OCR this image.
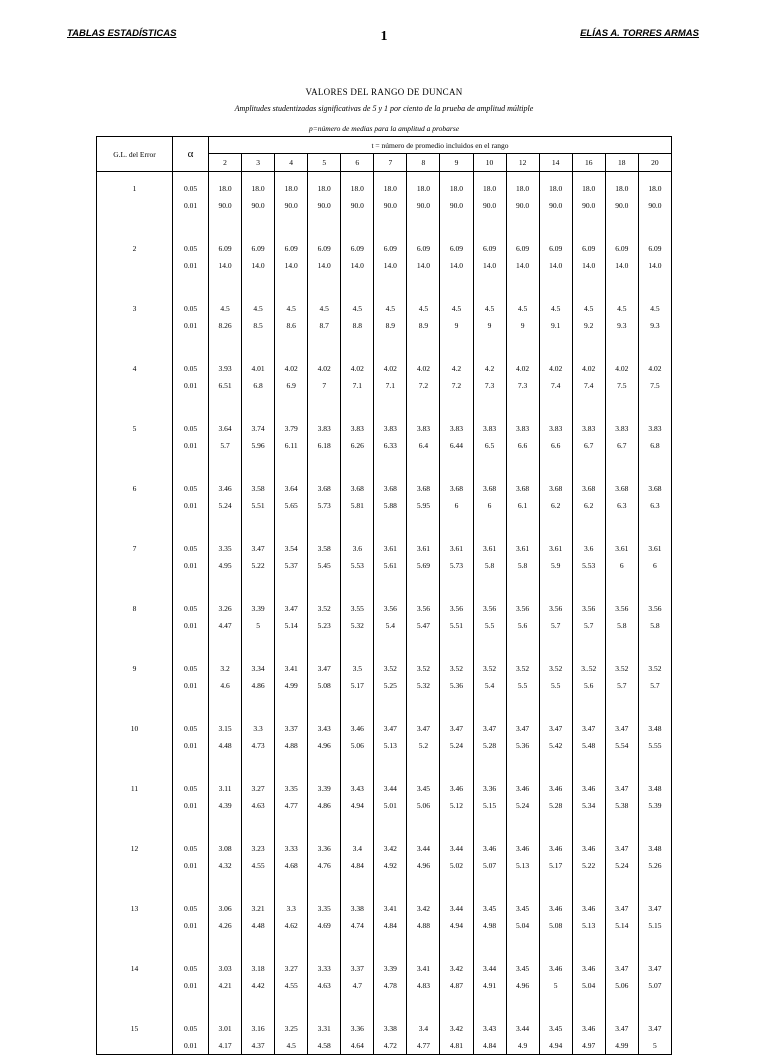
TABLAS ESTADÍSTICAS	1	ELÍAS A. TORRES ARMAS
VALORES DEL RANGO DE DUNCAN
Amplitudes studentizadas significativas de 5 y 1 por ciento de la prueba de amplitud múltiple
p=número de medias para la amplitud a probarse
G.L. del Error	α	t = número de promedio incluidos en el rango													
		2	3	4	5	6	7	8	9	10	12	14	16	18	20
1	0.05	18.0	18.0	18.0	18.0	18.0	18.0	18.0	18.0	18.0	18.0	18.0	18.0	18.0	18.0
	0.01	90.0	90.0	90.0	90.0	90.0	90.0	90.0	90.0	90.0	90.0	90.0	90.0	90.0	90.0
2	0.05	6.09	6.09	6.09	6.09	6.09	6.09	6.09	6.09	6.09	6.09	6.09	6.09	6.09	6.09
	0.01	14.0	14.0	14.0	14.0	14.0	14.0	14.0	14.0	14.0	14.0	14.0	14.0	14.0	14.0
3	0.05	4.5	4.5	4.5	4.5	4.5	4.5	4.5	4.5	4.5	4.5	4.5	4.5	4.5	4.5
	0.01	8.26	8.5	8.6	8.7	8.8	8.9	8.9	9	9	9	9.1	9.2	9.3	9.3
4	0.05	3.93	4.01	4.02	4.02	4.02	4.02	4.02	4.2	4.2	4.02	4.02	4.02	4.02	4.02
	0.01	6.51	6.8	6.9	7	7.1	7.1	7.2	7.2	7.3	7.3	7.4	7.4	7.5	7.5
5	0.05	3.64	3.74	3.79	3.83	3.83	3.83	3.83	3.83	3.83	3.83	3.83	3.83	3.83	3.83
	0.01	5.7	5.96	6.11	6.18	6.26	6.33	6.4	6.44	6.5	6.6	6.6	6.7	6.7	6.8
6	0.05	3.46	3.58	3.64	3.68	3.68	3.68	3.68	3.68	3.68	3.68	3.68	3.68	3.68	3.68
	0.01	5.24	5.51	5.65	5.73	5.81	5.88	5.95	6	6	6.1	6.2	6.2	6.3	6.3
7	0.05	3.35	3.47	3.54	3.58	3.6	3.61	3.61	3.61	3.61	3.61	3.61	3.6	3.61	3.61
	0.01	4.95	5.22	5.37	5.45	5.53	5.61	5.69	5.73	5.8	5.8	5.9	5.53	6	6
8	0.05	3.26	3.39	3.47	3.52	3.55	3.56	3.56	3.56	3.56	3.56	3.56	3.56	3.56	3.56
	0.01	4.47	5	5.14	5.23	5.32	5.4	5.47	5.51	5.5	5.6	5.7	5.7	5.8	5.8
9	0.05	3.2	3.34	3.41	3.47	3.5	3.52	3.52	3.52	3.52	3.52	3.52	3..52	3.52	3.52
	0.01	4.6	4.86	4.99	5.08	5.17	5.25	5.32	5.36	5.4	5.5	5.5	5.6	5.7	5.7
10	0.05	3.15	3.3	3.37	3.43	3.46	3.47	3.47	3.47	3.47	3.47	3.47	3.47	3.47	3.48
	0.01	4.48	4.73	4.88	4.96	5.06	5.13	5.2	5.24	5.28	5.36	5.42	5.48	5.54	5.55
11	0.05	3.11	3.27	3.35	3.39	3.43	3.44	3.45	3.46	3.36	3.46	3.46	3.46	3.47	3.48
	0.01	4.39	4.63	4.77	4.86	4.94	5.01	5.06	5.12	5.15	5.24	5.28	5.34	5.38	5.39
12	0.05	3.08	3.23	3.33	3.36	3.4	3.42	3.44	3.44	3.46	3.46	3.46	3.46	3.47	3.48
	0.01	4.32	4.55	4.68	4.76	4.84	4.92	4.96	5.02	5.07	5.13	5.17	5.22	5.24	5.26
13	0.05	3.06	3.21	3.3	3.35	3.38	3.41	3.42	3.44	3.45	3.45	3.46	3.46	3.47	3.47
	0.01	4.26	4.48	4.62	4.69	4.74	4.84	4.88	4.94	4.98	5.04	5.08	5.13	5.14	5.15
14	0.05	3.03	3.18	3.27	3.33	3.37	3.39	3.41	3.42	3.44	3.45	3.46	3.46	3.47	3.47
	0.01	4.21	4.42	4.55	4.63	4.7	4.78	4.83	4.87	4.91	4.96	5	5.04	5.06	5.07
15	0.05	3.01	3.16	3.25	3.31	3.36	3.38	3.4	3.42	3.43	3.44	3.45	3.46	3.47	3.47
	0.01	4.17	4.37	4.5	4.58	4.64	4.72	4.77	4.81	4.84	4.9	4.94	4.97	4.99	5
